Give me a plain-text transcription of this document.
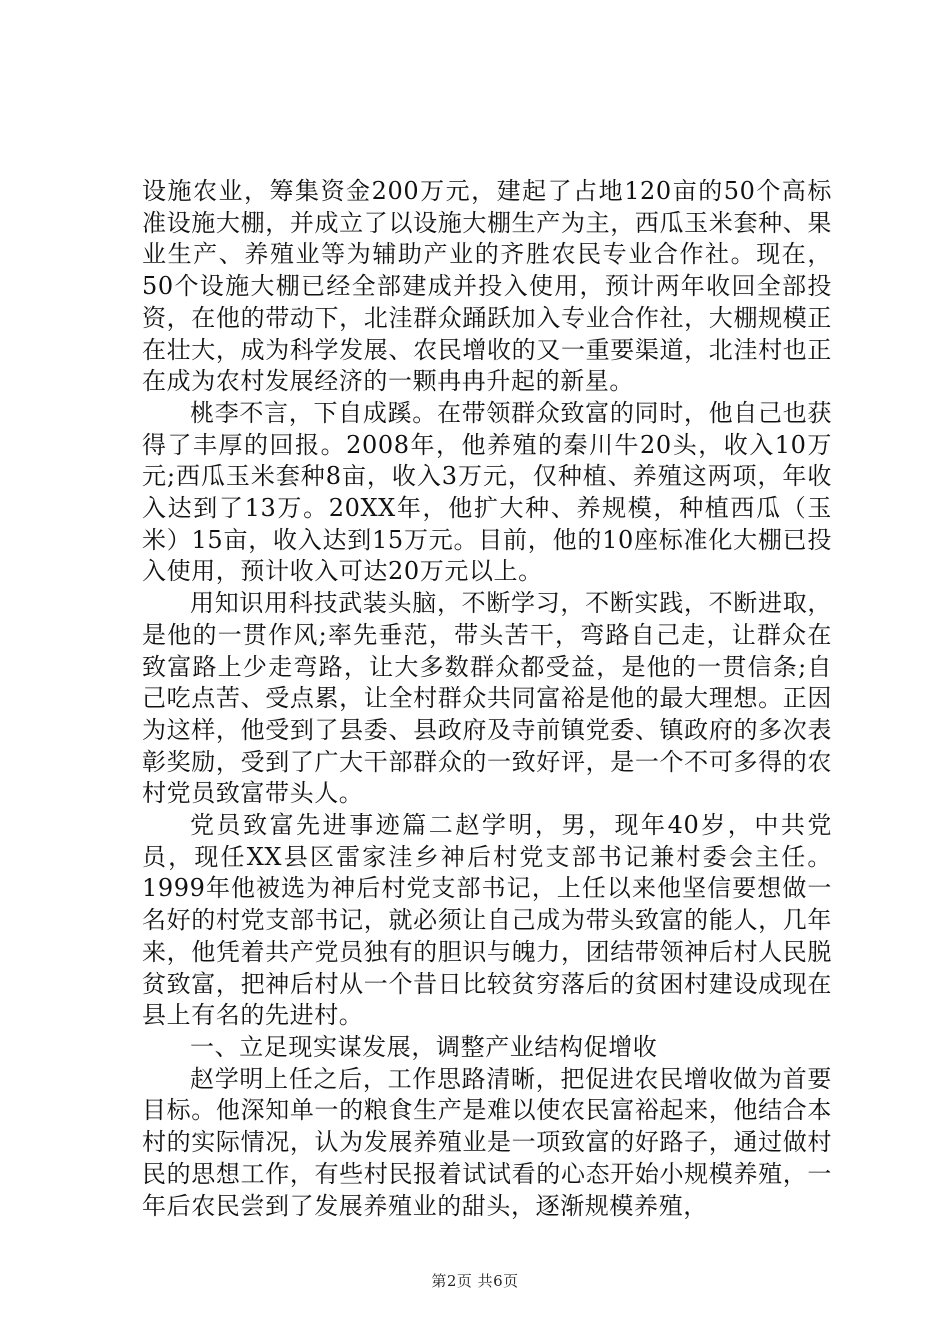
设施农业，筹集资金200万元，建起了占地120亩的50个高标准设施大棚，并成立了以设施大棚生产为主，西瓜玉米套种、果业生产、养殖业等为辅助产业的齐胜农民专业合作社。现在，50个设施大棚已经全部建成并投入使用，预计两年收回全部投资，在他的带动下，北洼群众踊跃加入专业合作社，大棚规模正在壮大，成为科学发展、农民增收的又一重要渠道，北洼村也正在成为农村发展经济的一颗冉冉升起的新星。

桃李不言，下自成蹊。在带领群众致富的同时，他自己也获得了丰厚的回报。2008年，他养殖的秦川牛20头，收入10万元;西瓜玉米套种8亩，收入3万元，仅种植、养殖这两项，年收入达到了13万。20XX年，他扩大种、养规模，种植西瓜（玉米）15亩，收入达到15万元。目前，他的10座标准化大棚已投入使用，预计收入可达20万元以上。

用知识用科技武装头脑，不断学习，不断实践，不断进取，是他的一贯作风;率先垂范，带头苦干，弯路自己走，让群众在致富路上少走弯路，让大多数群众都受益，是他的一贯信条;自己吃点苦、受点累，让全村群众共同富裕是他的最大理想。正因为这样，他受到了县委、县政府及寺前镇党委、镇政府的多次表彰奖励，受到了广大干部群众的一致好评，是一个不可多得的农村党员致富带头人。

党员致富先进事迹篇二赵学明，男，现年40岁，中共党员，现任XX县区雷家洼乡神后村党支部书记兼村委会主任。1999年他被选为神后村党支部书记，上任以来他坚信要想做一名好的村党支部书记，就必须让自己成为带头致富的能人，几年来，他凭着共产党员独有的胆识与魄力，团结带领神后村人民脱贫致富，把神后村从一个昔日比较贫穷落后的贫困村建设成现在县上有名的先进村。

一、立足现实谋发展，调整产业结构促增收

赵学明上任之后，工作思路清晰，把促进农民增收做为首要目标。他深知单一的粮食生产是难以使农民富裕起来，他结合本村的实际情况，认为发展养殖业是一项致富的好路子，通过做村民的思想工作，有些村民报着试试看的心态开始小规模养殖，一年后农民尝到了发展养殖业的甜头，逐渐规模养殖，

第2页 共6页
